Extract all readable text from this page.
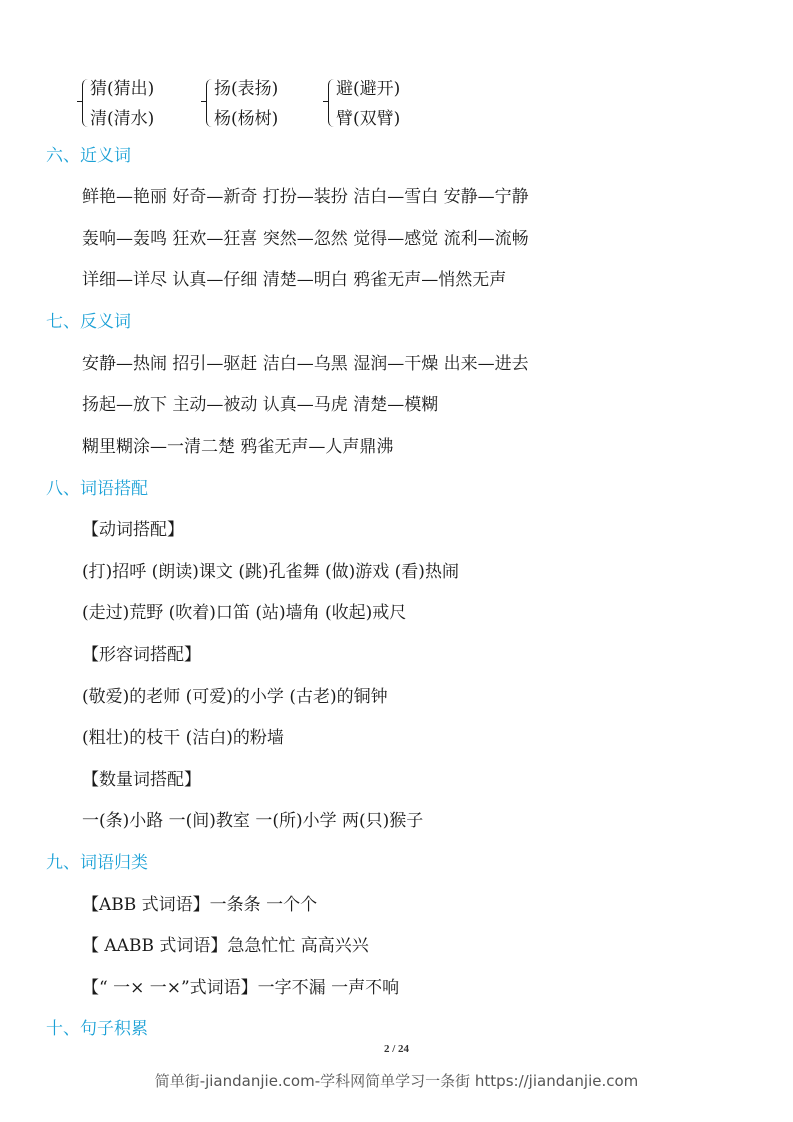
猜(猜出)
清(清水)
扬(表扬)
杨(杨树)
避(避开)
臂(双臂)
六、近义词
鲜艳—艳丽 好奇—新奇 打扮—装扮 洁白—雪白 安静—宁静
轰响—轰鸣 狂欢—狂喜 突然—忽然 觉得—感觉 流利—流畅
详细—详尽 认真—仔细 清楚—明白 鸦雀无声—悄然无声
七、反义词
安静—热闹 招引—驱赶 洁白—乌黑 湿润—干燥 出来—进去
扬起—放下 主动—被动 认真—马虎 清楚—模糊
糊里糊涂—一清二楚 鸦雀无声—人声鼎沸
八、词语搭配
【动词搭配】
(打)招呼 (朗读)课文 (跳)孔雀舞 (做)游戏 (看)热闹
(走过)荒野 (吹着)口笛 (站)墙角 (收起)戒尺
【形容词搭配】
(敬爱)的老师 (可爱)的小学 (古老)的铜钟
(粗壮)的枝干 (洁白)的粉墙
【数量词搭配】
一(条)小路 一(间)教室 一(所)小学 两(只)猴子
九、词语归类
【ABB 式词语】一条条 一个个
【 AABB 式词语】急急忙忙 高高兴兴
【“ 一× 一×”式词语】一字不漏 一声不响
十、句子积累
2 / 24
简单街-jiandanjie.com-学科网简单学习一条街 https://jiandanjie.com
